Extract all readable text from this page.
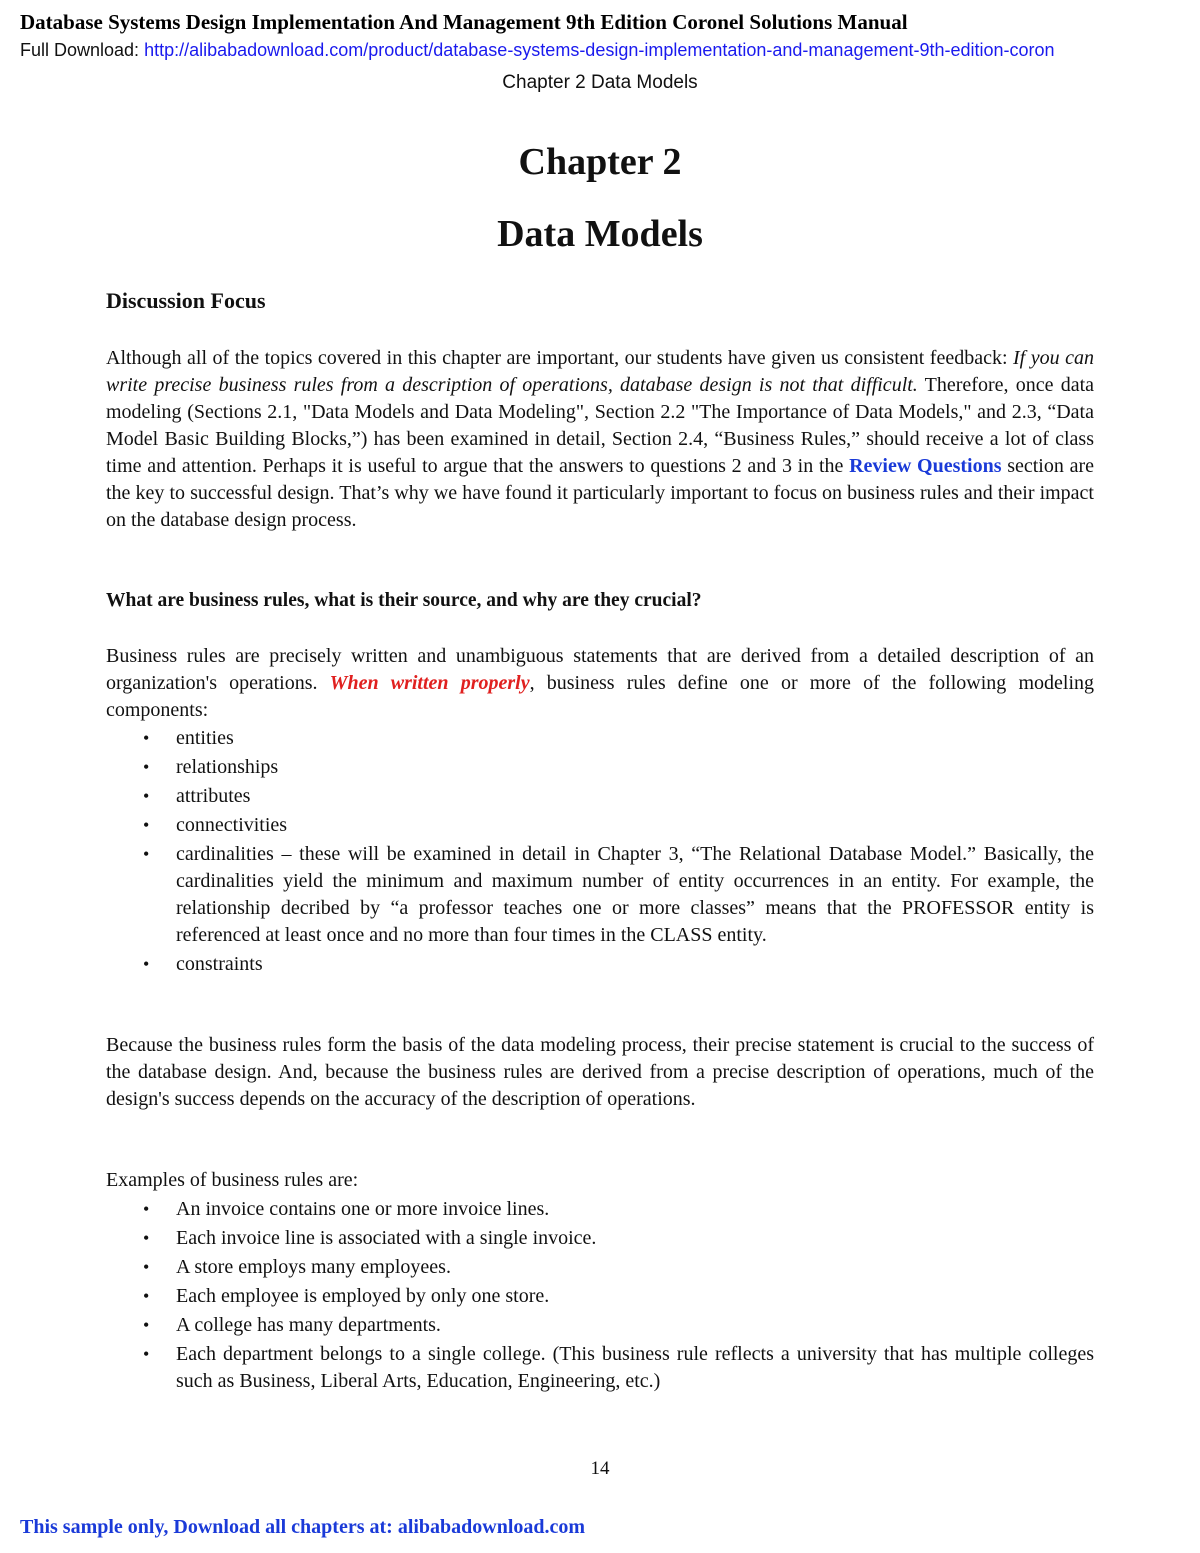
Database Systems Design Implementation And Management 9th Edition Coronel Solutions Manual
Full Download: http://alibabadownload.com/product/database-systems-design-implementation-and-management-9th-edition-coron
Chapter 2 Data Models
Chapter 2
Data Models
Discussion Focus

Although all of the topics covered in this chapter are important, our students have given us consistent feedback: If you can write precise business rules from a description of operations, database design is not that difficult. Therefore, once data modeling (Sections 2.1, "Data Models and Data Modeling", Section 2.2 "The Importance of Data Models," and 2.3, “Data Model Basic Building Blocks,”) has been examined in detail, Section 2.4, “Business Rules,” should receive a lot of class time and attention. Perhaps it is useful to argue that the answers to questions 2 and 3 in the Review Questions section are the key to successful design. That’s why we have found it particularly important to focus on business rules and their impact on the database design process.

What are business rules, what is their source, and why are they crucial?

Business rules are precisely written and unambiguous statements that are derived from a detailed description of an organization's operations. When written properly, business rules define one or more of the following modeling components:

• entities
• relationships
• attributes
• connectivities
• cardinalities – these will be examined in detail in Chapter 3, “The Relational Database Model.” Basically, the cardinalities yield the minimum and maximum number of entity occurrences in an entity. For example, the relationship decribed by “a professor teaches one or more classes” means that the PROFESSOR entity is referenced at least once and no more than four times in the CLASS entity.
• constraints

Because the business rules form the basis of the data modeling process, their precise statement is crucial to the success of the database design. And, because the business rules are derived from a precise description of operations, much of the design's success depends on the accuracy of the description of operations.

Examples of business rules are:

• An invoice contains one or more invoice lines.
• Each invoice line is associated with a single invoice.
• A store employs many employees.
• Each employee is employed by only one store.
• A college has many departments.
• Each department belongs to a single college. (This business rule reflects a university that has multiple colleges such as Business, Liberal Arts, Education, Engineering, etc.)
14
This sample only, Download all chapters at: alibabadownload.com
